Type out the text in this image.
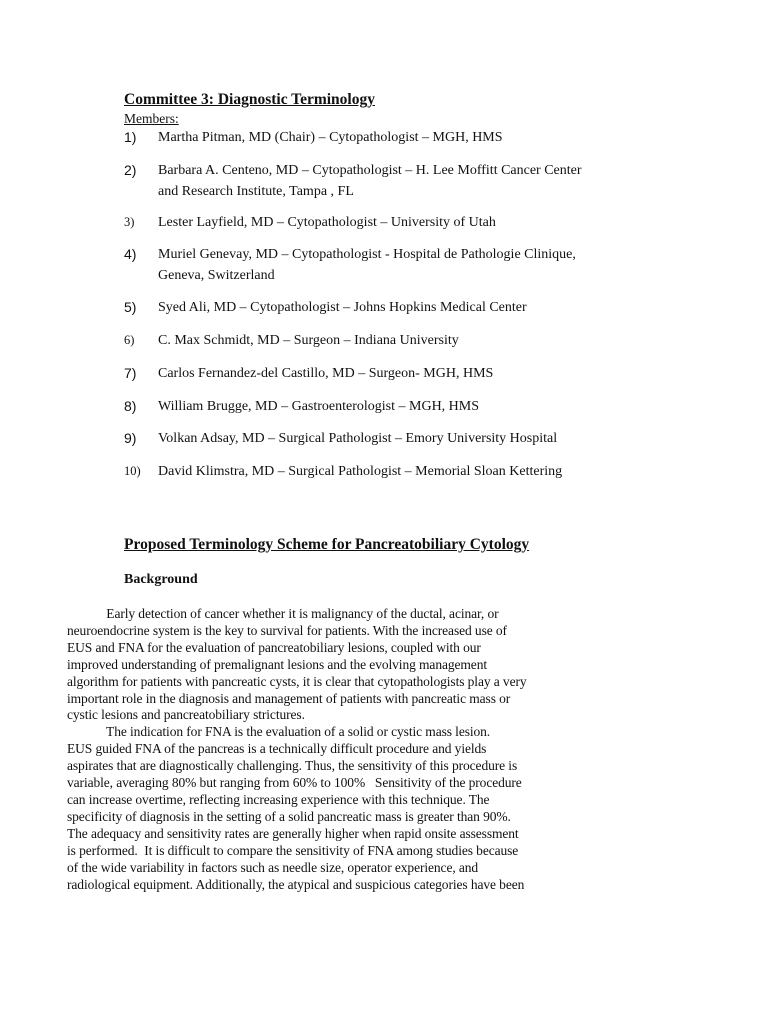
Committee 3: Diagnostic Terminology
Members:
1) Martha Pitman, MD (Chair) – Cytopathologist – MGH, HMS
2) Barbara A. Centeno, MD – Cytopathologist – H. Lee Moffitt Cancer Center
and Research Institute, Tampa , FL
3) Lester Layfield, MD – Cytopathologist – University of Utah
4) Muriel Genevay, MD – Cytopathologist - Hospital de Pathologie Clinique,
Geneva, Switzerland
5) Syed Ali, MD – Cytopathologist – Johns Hopkins Medical Center
6) C. Max Schmidt, MD – Surgeon – Indiana University
7) Carlos Fernandez-del Castillo, MD – Surgeon- MGH, HMS
8) William Brugge, MD – Gastroenterologist – MGH, HMS
9) Volkan Adsay, MD – Surgical Pathologist – Emory University Hospital
10) David Klimstra, MD – Surgical Pathologist – Memorial Sloan Kettering
Proposed Terminology Scheme for Pancreatobiliary Cytology
Background

Early detection of cancer whether it is malignancy of the ductal, acinar, or
neuroendocrine system is the key to survival for patients. With the increased use of
EUS and FNA for the evaluation of pancreatobiliary lesions, coupled with our
improved understanding of premalignant lesions and the evolving management
algorithm for patients with pancreatic cysts, it is clear that cytopathologists play a very
important role in the diagnosis and management of patients with pancreatic mass or
cystic lesions and pancreatobiliary strictures.

The indication for FNA is the evaluation of a solid or cystic mass lesion.
EUS guided FNA of the pancreas is a technically difficult procedure and yields
aspirates that are diagnostically challenging. Thus, the sensitivity of this procedure is
variable, averaging 80% but ranging from 60% to 100%   Sensitivity of the procedure
can increase overtime, reflecting increasing experience with this technique. The
specificity of diagnosis in the setting of a solid pancreatic mass is greater than 90%.
The adequacy and sensitivity rates are generally higher when rapid onsite assessment
is performed.  It is difficult to compare the sensitivity of FNA among studies because
of the wide variability in factors such as needle size, operator experience, and
radiological equipment. Additionally, the atypical and suspicious categories have been
